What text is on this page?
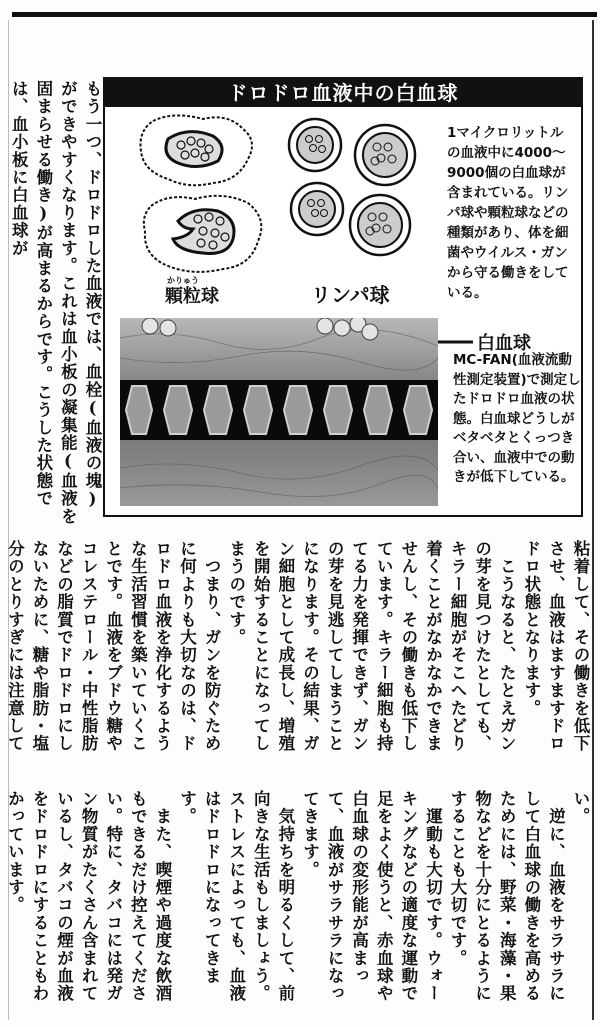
もう一つ、ドロドロした血液では、血栓(血液の塊)ができやすくなります。これは血小板の凝集能(血液を固まらせる働き)が高まるからです。こうした状態では、血小板に白血球が	ドロドロ血液中の白血球
かりゅう
顆粒球	リンパ球
1マイクロリットルの血液中に4000〜9000個の白血球が含まれている。リンパ球や顆粒球などの種類があり、体を細菌やウイルス・ガンから守る働きをしている。
白血球
MC-FAN(血液流動性測定装置)で測定したドロドロ血液の状態。白血球どうしがベタベタとくっつき合い、血液中での動きが低下している。
粘着して、その働きを低下させ、血液はますますドロドロ状態となります。
　こうなると、たとえガンの芽を見つけたとしても、キラー細胞がそこへたどり着くことがなかなかできませんし、その働きも低下しています。キラー細胞も持てる力を発揮できず、ガンの芽を見逃してしまうことになります。その結果、ガン細胞として成長し、増殖を開始することになってしまうのです。
　つまり、ガンを防ぐために何よりも大切なのは、ドロドロ血液を浄化するような生活習慣を築いていくことです。血液をブドウ糖やコレステロール・中性脂肪などの脂質でドロドロにしないために、糖や脂肪・塩分のとりすぎには注意して
い。
　逆に、血液をサラサラにして白血球の働きを高めるためには、野菜・海藻・果物などを十分にとるようにすることも大切です。
　運動も大切です。ウォーキングなどの適度な運動で足をよく使うと、赤血球や白血球の変形能が高まって、血液がサラサラになってきます。
　気持ちを明るくして、前向きな生活もしましょう。ストレスによっても、血液はドロドロになってきます。
　また、喫煙や過度な飲酒もできるだけ控えてください。特に、タバコには発ガン物質がたくさん含まれているし、タバコの煙が血液をドロドロにすることもわかっています。
